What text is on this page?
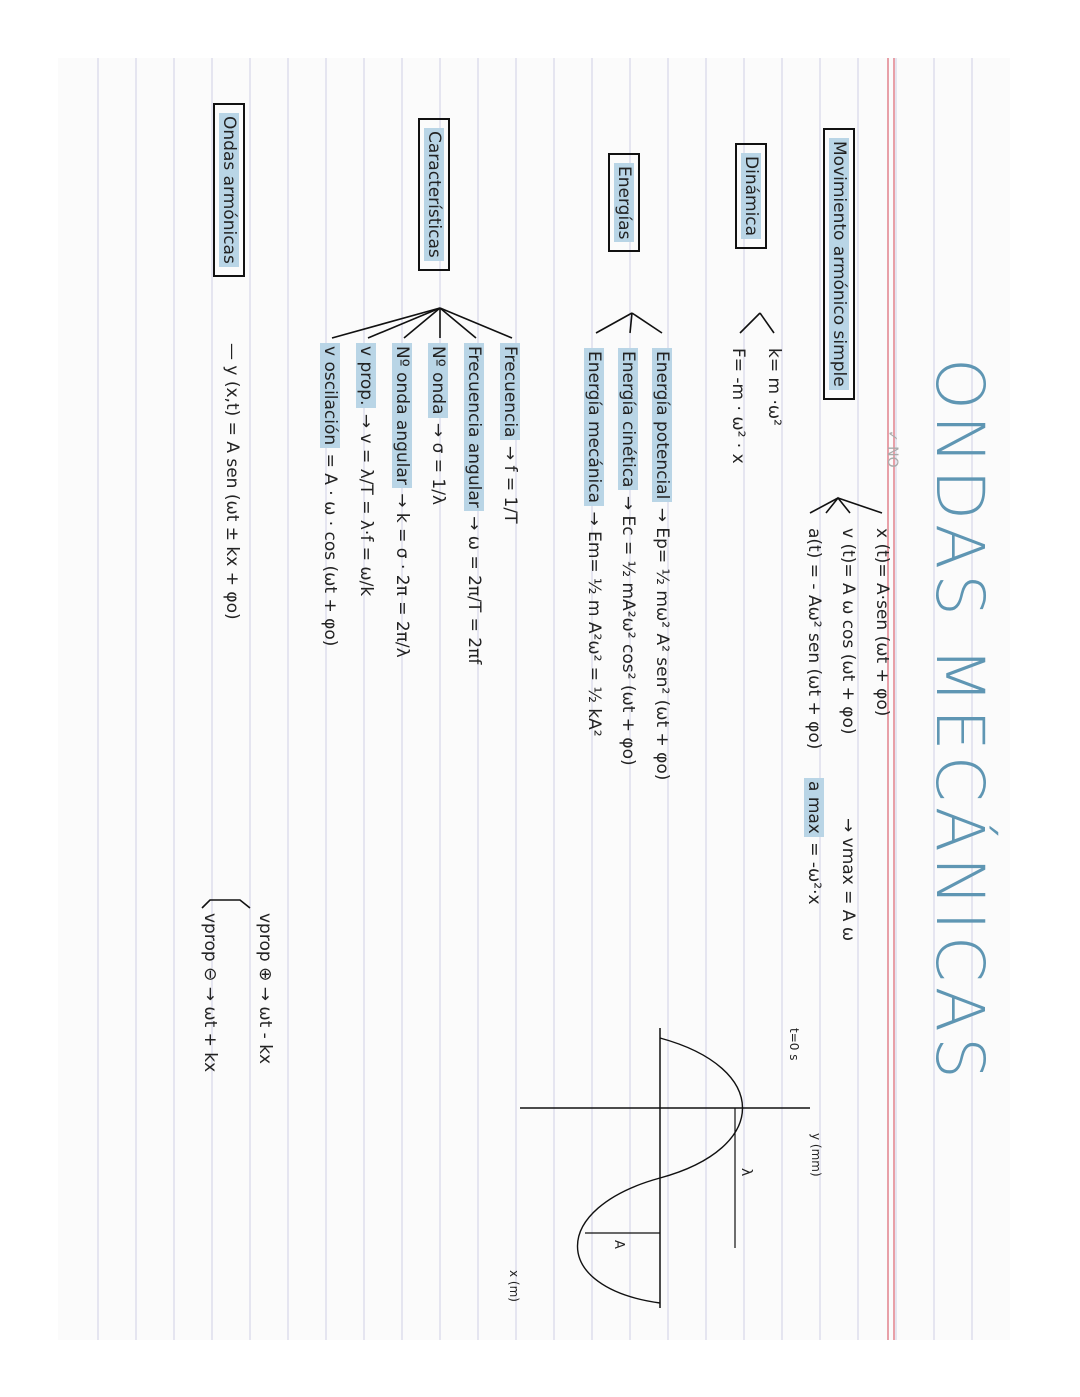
ONDAS MECÁNICAS
✓ NO
Movimiento armónico simple
x (t)= A·sen (ωt + φo)
v (t)= A ω cos (ωt + φo)
→ vmax = A ω
a(t) = - Aω² sen (ωt + φo)
a max = -ω²·x
Dinámica
k= m ·ω²
F= -m · ω² · x
Energías
Energía potencial → Ep= ½ mω² A² sen² (ωt + φo)
Energía cinética → Ec = ½ mA²ω² cos² (ωt + φo)
Energía mecánica → Em= ½ m A²ω² = ½ kA²
Características
Frecuencia → f = 1/T
Frecuencia angular → ω = 2π/T = 2πf
Nº onda → σ = 1/λ
Nº onda angular → k = σ · 2π = 2π/λ
v prop. → v = λ/T = λ·f = ω/k
v oscilación = A · ω · cos (ωt + φo)
Ondas armónicas
— y (x,t) = A sen (ωt ± kx + φo)
vprop ⊕ → ωt - kx
vprop ⊖ → ωt + kx
y (mm)
x (m)
t=0 s
λ
A
